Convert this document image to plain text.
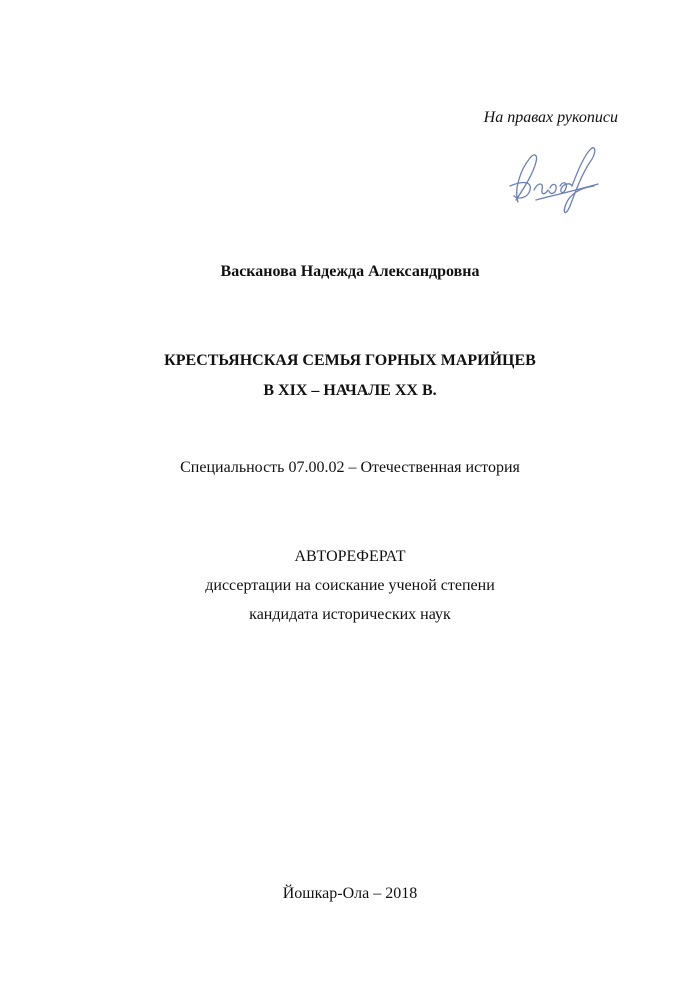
На правах рукописи
Васканова Надежда Александровна
КРЕСТЬЯНСКАЯ СЕМЬЯ ГОРНЫХ МАРИЙЦЕВ
В XIX – НАЧАЛЕ XX В.
Специальность 07.00.02 – Отечественная история
АВТОРЕФЕРАТ
диссертации на соискание ученой степени
кандидата исторических наук
Йошкар-Ола – 2018
